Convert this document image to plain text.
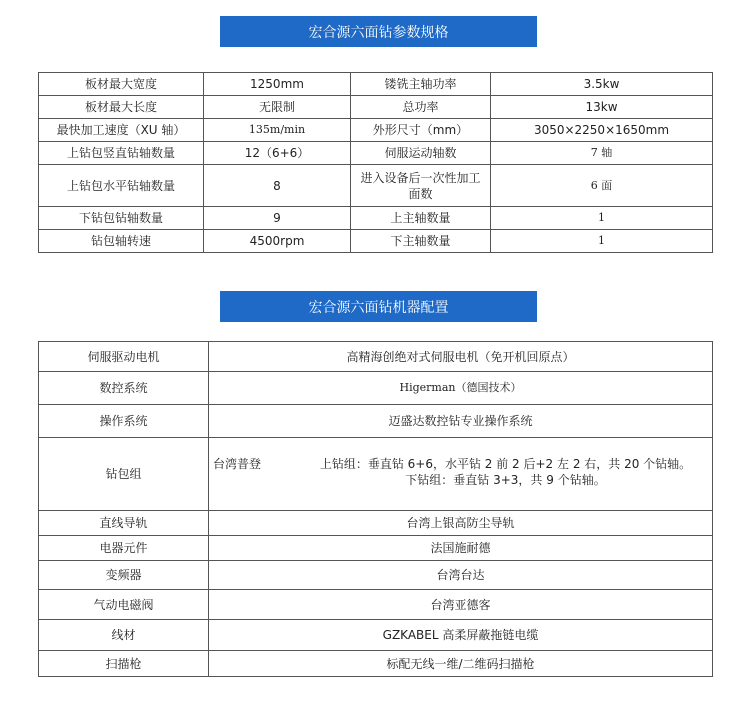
宏合源六面钻参数规格
板材最大宽度	1250mm	镂铣主轴功率	3.5kw
板材最大长度	无限制	总功率	13kw
最快加工速度（XU 轴）	135m/min	外形尺寸（mm）	3050×2250×1650mm
上钻包竖直钻轴数量	12（6+6）	伺服运动轴数	7 轴
上钻包水平钻轴数量	8	进入设备后一次性加工面数	6 面
下钻包钻轴数量	9	上主轴数量	1
钻包轴转速	4500rpm	下主轴数量	1
宏合源六面钻机器配置
伺服驱动电机	高精海创绝对式伺服电机（免开机回原点）
数控系统	Higerman（德国技术）
操作系统	迈盛达数控钻专业操作系统
钻包组	台湾普登 上钻组：垂直钻 6+6，水平钻 2 前 2 后+2 左 2 右，共 20 个钻轴。
下钻组：垂直钻 3+3，共 9 个钻轴。

直线导轨	台湾上银高防尘导轨
电器元件	法国施耐德
变频器	台湾台达
气动电磁阀	台湾亚德客
线材	GZKABEL 高柔屏蔽拖链电缆
扫描枪	标配无线一维/二维码扫描枪
